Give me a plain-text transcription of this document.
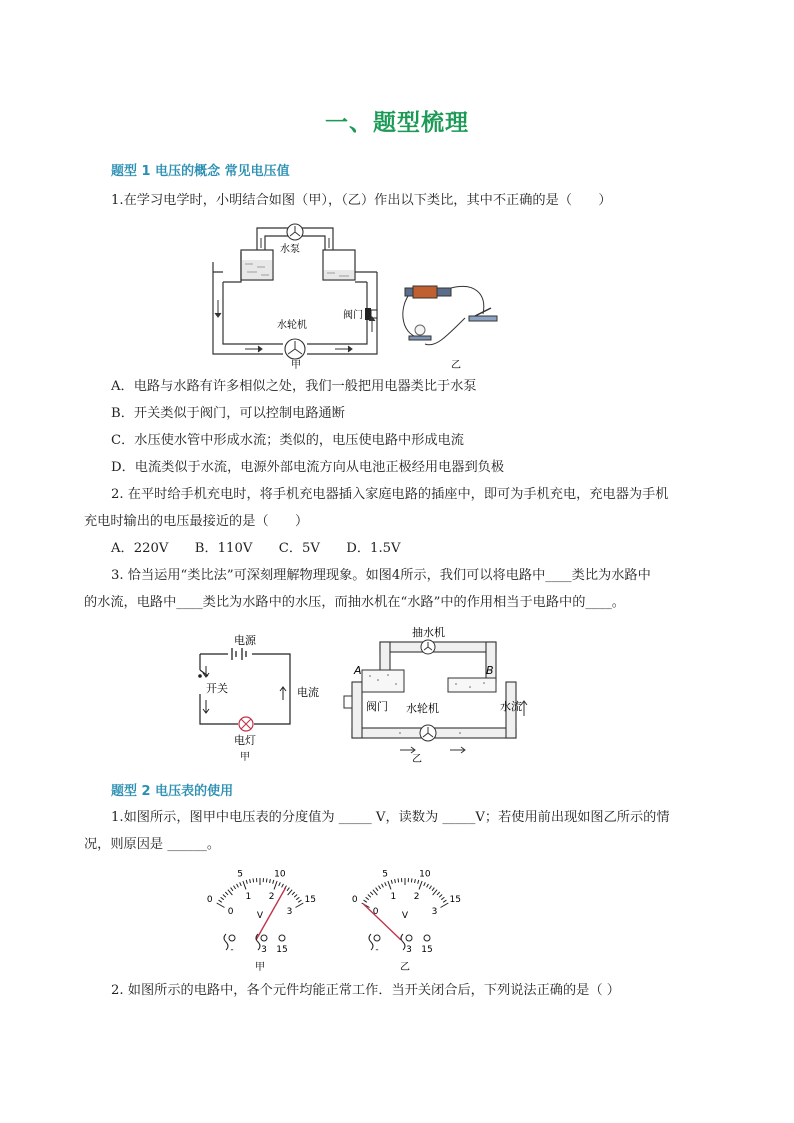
一、题型梳理
题型 1 电压的概念 常见电压值
1.在学习电学时，小明结合如图（甲），（乙）作出以下类比，其中不正确的是（　　）
水泵
阀门
水轮机
甲	乙
A．电路与水路有许多相似之处，我们一般把用电器类比于水泵
B．开关类似于阀门，可以控制电路通断
C．水压使水管中形成水流；类似的，电压使电路中形成电流
D．电流类似于水流，电源外部电流方向从电池正极经用电器到负极
2. 在平时给手机充电时，将手机充电器插入家庭电路的插座中，即可为手机充电，充电器为手机
充电时输出的电压最接近的是（　　）
A．220V　　B．110V　　C．5V　　D．1.5V
3. 恰当运用“类比法”可深刻理解物理现象。如图4所示，我们可以将电路中____类比为水路中
的水流，电路中____类比为水路中的水压，而抽水机在“水路”中的作用相当于电路中的____。
电源
开关	电流
电灯
甲
抽水机
A	B
阀门 水轮机	水流
乙
题型 2 电压表的使用
1.如图所示，图甲中电压表的分度值为 _____ V，读数为 _____V；若使用前出现如图乙所示的情
况，则原因是 ______。
0
5	10
15
0
1 2
3
V
-	3 15
甲
0
5	10
15
0
1 2
3
V
-	3 15
乙
2. 如图所示的电路中，各个元件均能正常工作．当开关闭合后，下列说法正确的是（ ）
